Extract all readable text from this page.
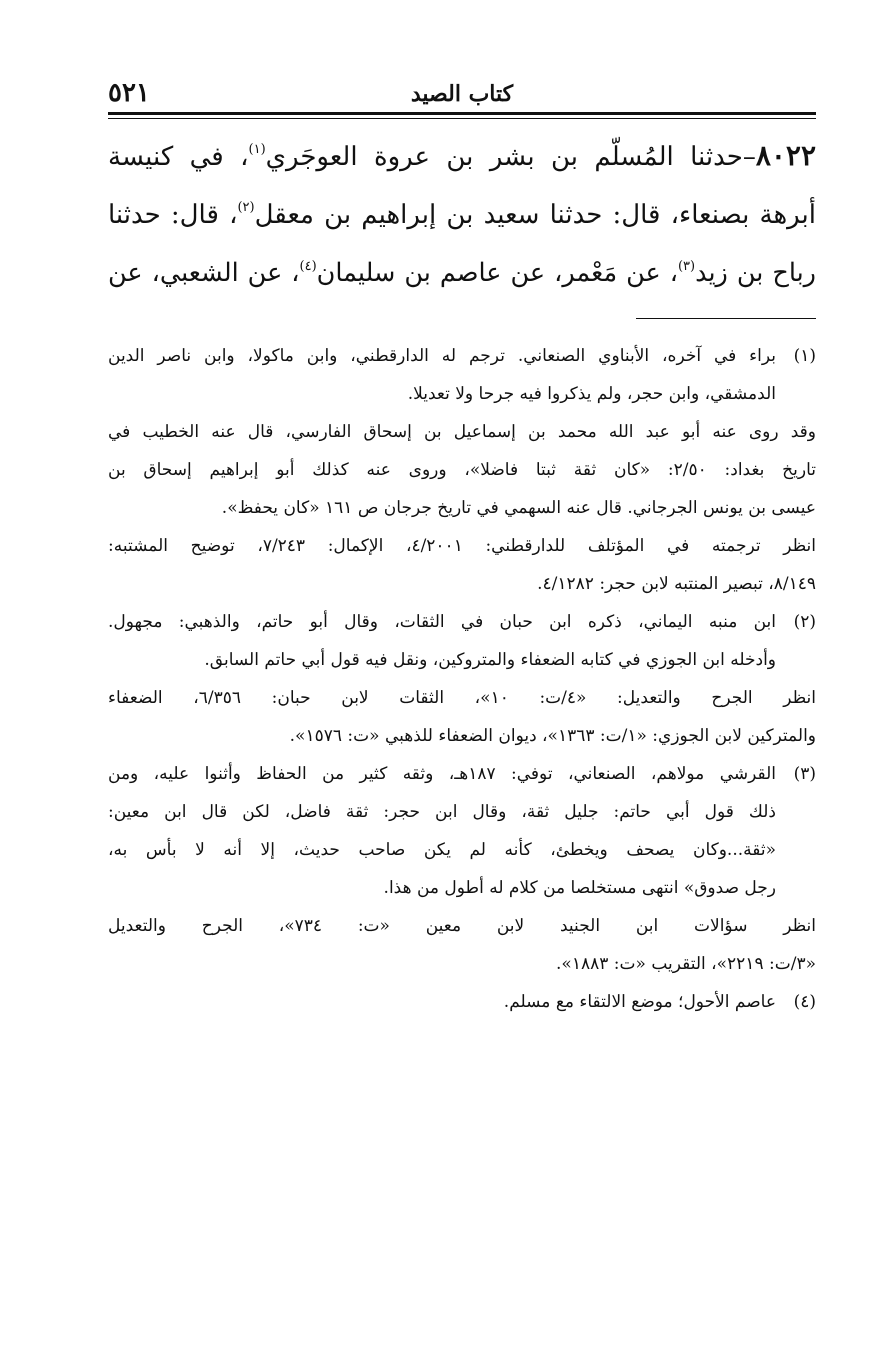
كتاب الصيد
٥٢١
٨٠٢٢–حدثنا المُسلّم بن بشر بن عروة العوجَري$^{(١)}$، في كنيسة
أبرهة بصنعاء، قال: حدثنا سعيد بن إبراهيم بن معقل$^{(٢)}$، قال: حدثنا
رباح بن زيد$^{(٣)}$، عن مَعْمر، عن عاصم بن سليمان$^{(٤)}$، عن الشعبي، عن
(١)
براء في آخره، الأبناوي الصنعاني. ترجم له الدارقطني، وابن ماكولا، وابن ناصر الدين
الدمشقي، وابن حجر، ولم يذكروا فيه جرحا ولا تعديلا.
وقد روى عنه أبو عبد الله محمد بن إسماعيل بن إسحاق الفارسي، قال عنه الخطيب في
تاريخ بغداد: ٢/٥٠: «كان ثقة ثبتا فاضلا»، وروى عنه كذلك أبو إبراهيم إسحاق بن
عيسى بن يونس الجرجاني. قال عنه السهمي في تاريخ جرجان ص ١٦١ «كان يحفظ».
انظر ترجمته في المؤتلف للدارقطني: ٤/٢٠٠١، الإكمال: ٧/٢٤٣، توضيح المشتبه:
٨/١٤٩، تبصير المنتبه لابن حجر: ٤/١٢٨٢.
(٢)
ابن منبه اليماني، ذكره ابن حبان في الثقات، وقال أبو حاتم، والذهبي: مجهول.
وأدخله ابن الجوزي في كتابه الضعفاء والمتروكين، ونقل فيه قول أبي حاتم السابق.
انظر الجرح والتعديل: «٤/ت: ١٠»، الثقات لابن حبان: ٦/٣٥٦، الضعفاء
والمتركين لابن الجوزي: «١/ت: ١٣٦٣»، ديوان الضعفاء للذهبي «ت: ١٥٧٦».
(٣)
القرشي مولاهم، الصنعاني، توفي: ١٨٧هـ، وثقه كثير من الحفاظ وأثنوا عليه، ومن
ذلك قول أبي حاتم: جليل ثقة، وقال ابن حجر: ثقة فاضل، لكن قال ابن معين:
«ثقة...وكان يصحف ويخطئ، كأنه لم يكن صاحب حديث، إلا أنه لا بأس به،
رجل صدوق» انتهى مستخلصا من كلام له أطول من هذا.
انظر سؤالات ابن الجنيد لابن معين «ت: ٧٣٤»، الجرح والتعديل
«٣/ت: ٢٢١٩»، التقريب «ت: ١٨٨٣».
(٤)
عاصم الأحول؛ موضع الالتقاء مع مسلم.
